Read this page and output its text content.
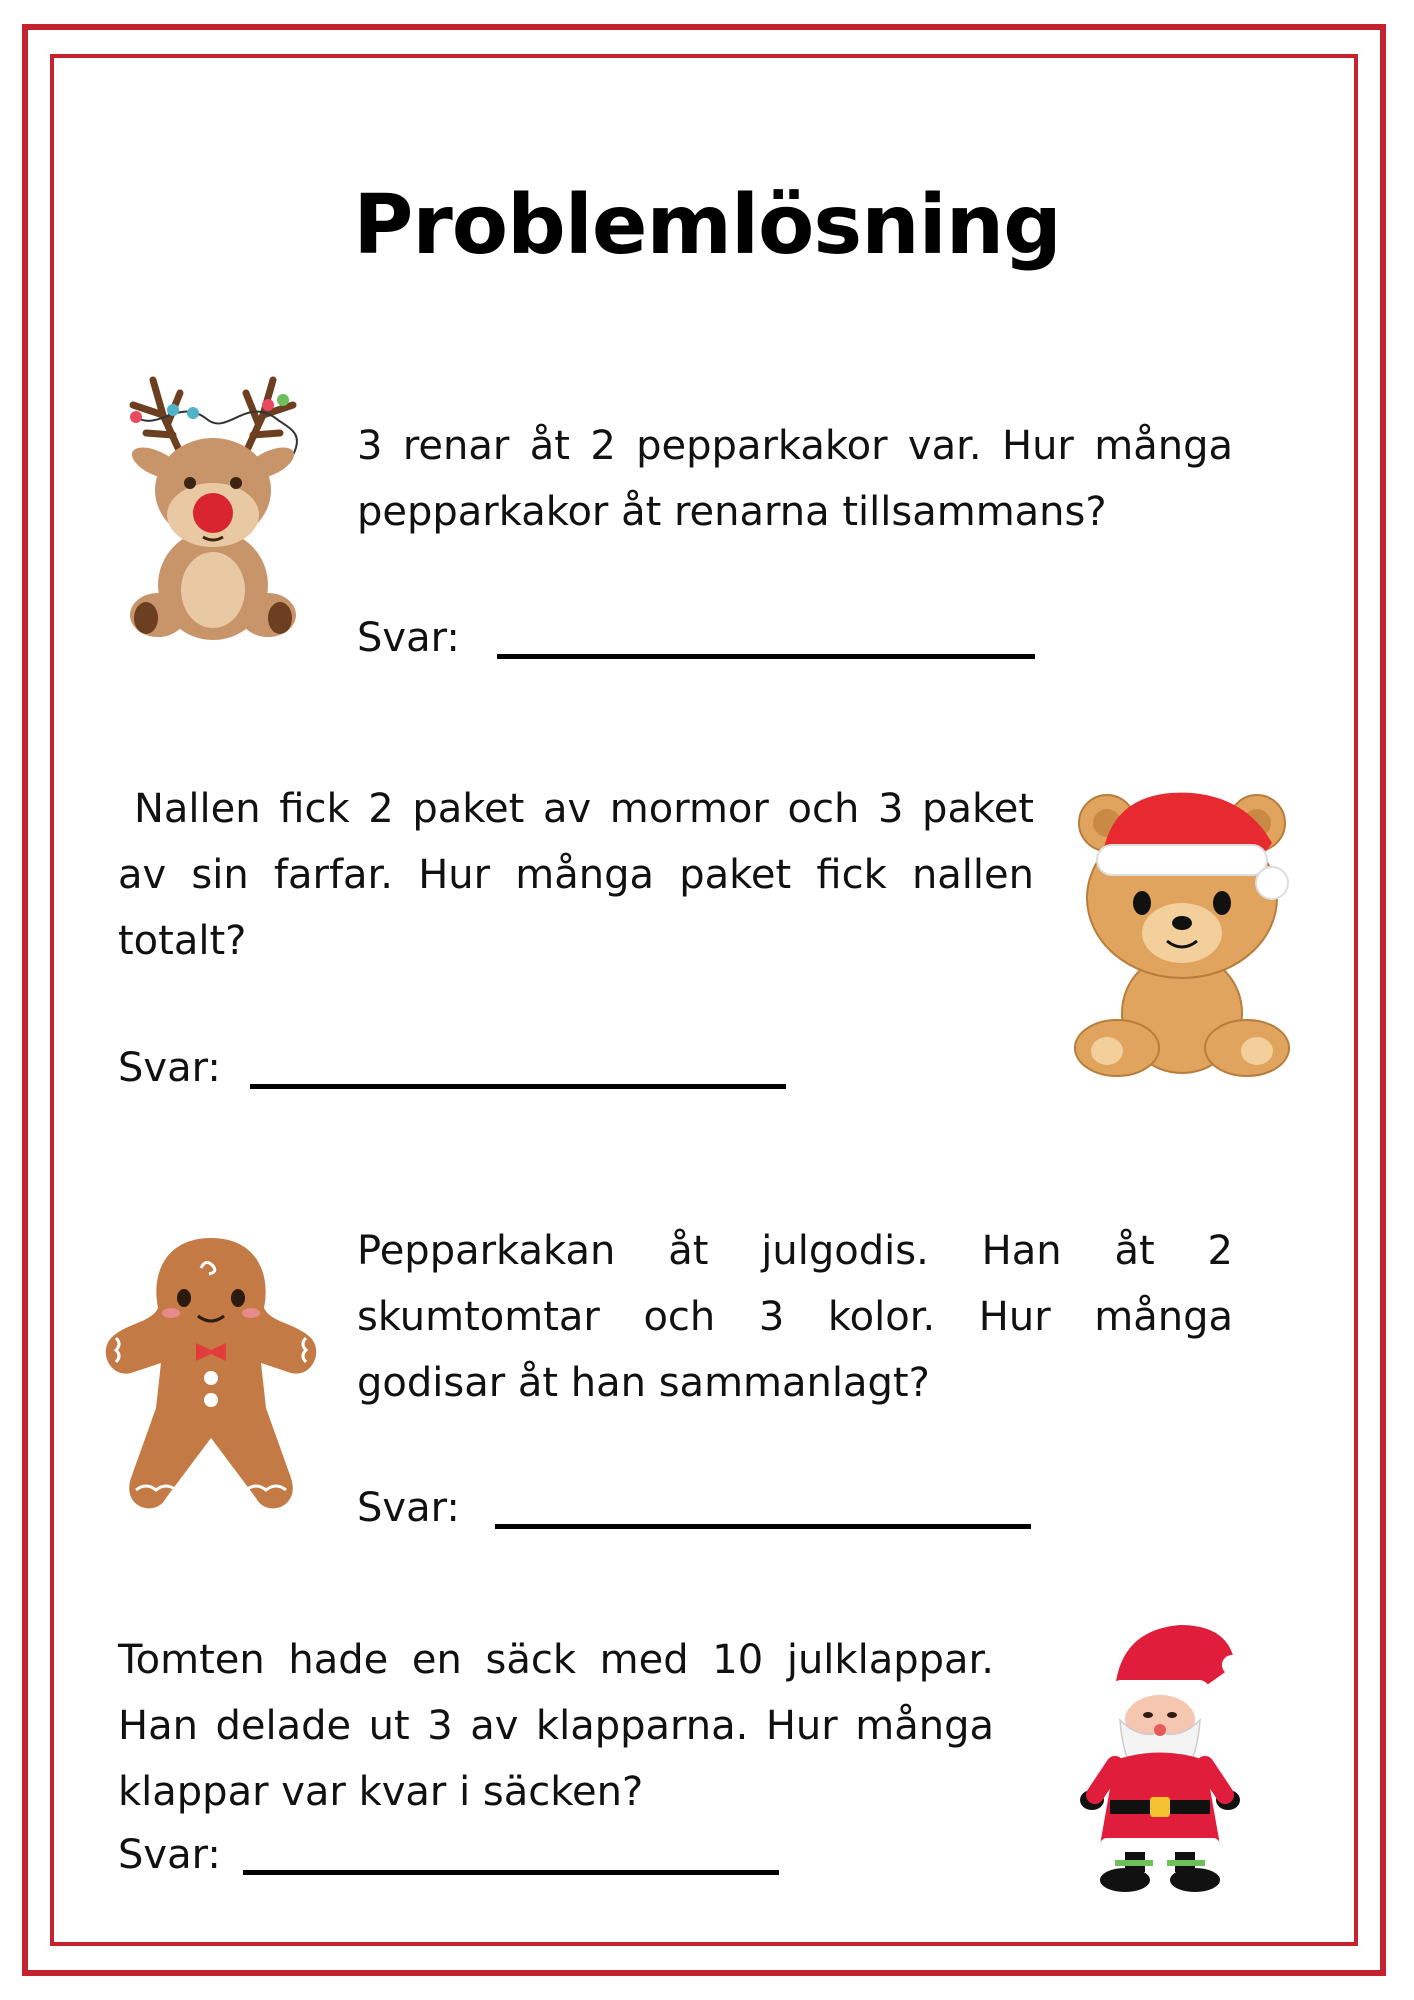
Problemlösning
3 renar åt 2 pepparkakor var. Hur många pepparkakor åt renarna tillsammans?
Svar:
Nallen fick 2 paket av mormor och 3 paket av sin farfar. Hur många paket fick nallen totalt?
Svar:
Pepparkakan åt julgodis. Han åt 2 skumtomtar och 3 kolor. Hur många godisar åt han sammanlagt?
Svar:
Tomten hade en säck med 10 julklappar. Han delade ut 3 av klapparna. Hur många klappar var kvar i säcken?
Svar:
